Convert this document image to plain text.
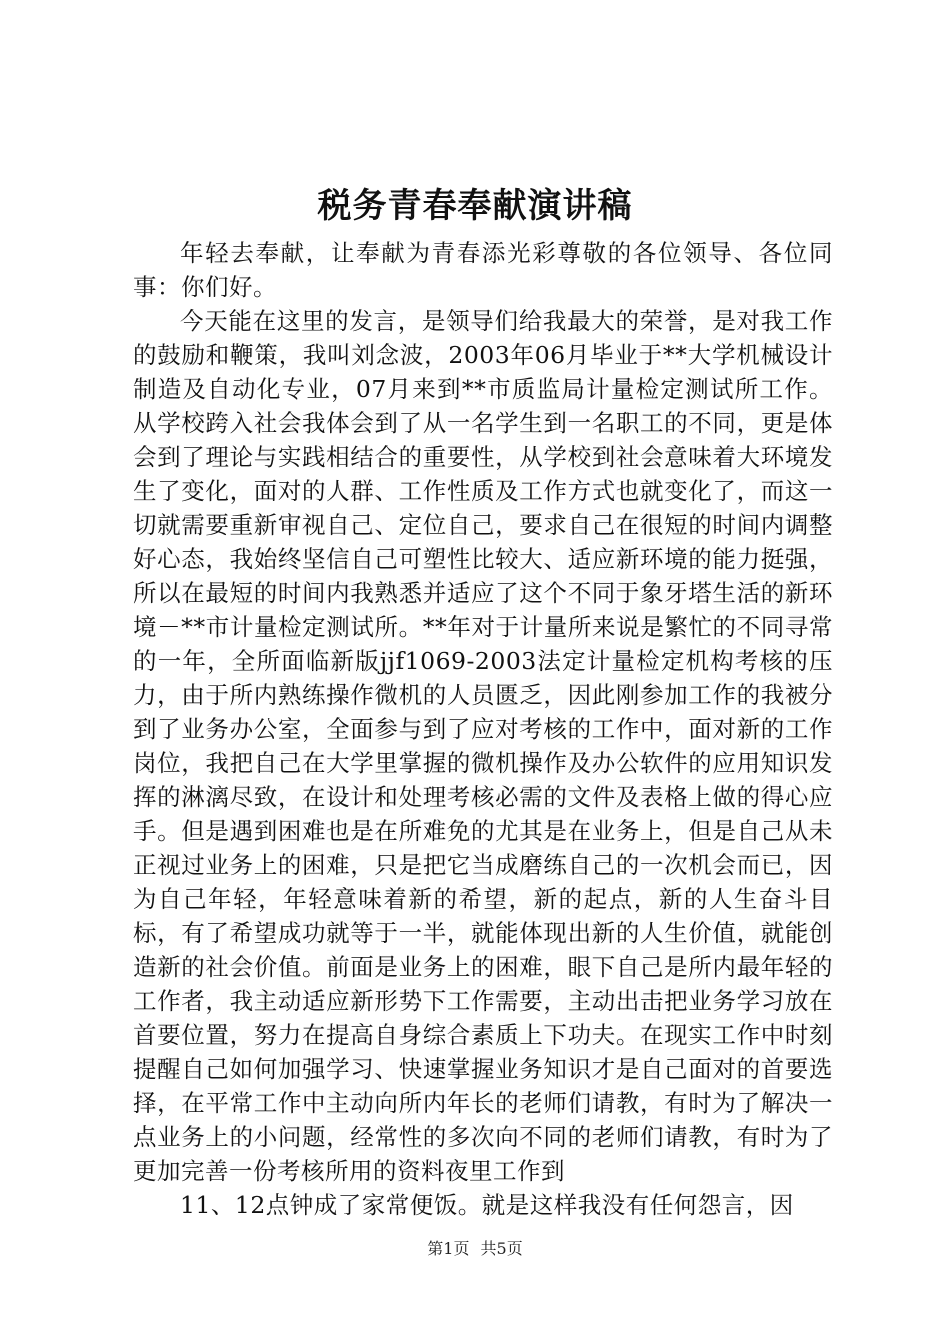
税务青春奉献演讲稿

年轻去奉献，让奉献为青春添光彩尊敬的各位领导、各位同事：你们好。

今天能在这里的发言，是领导们给我最大的荣誉，是对我工作的鼓励和鞭策，我叫刘念波，2003年06月毕业于**大学机械设计制造及自动化专业，07月来到**市质监局计量检定测试所工作。从学校跨入社会我体会到了从一名学生到一名职工的不同，更是体会到了理论与实践相结合的重要性，从学校到社会意味着大环境发生了变化，面对的人群、工作性质及工作方式也就变化了，而这一切就需要重新审视自己、定位自己，要求自己在很短的时间内调整好心态，我始终坚信自己可塑性比较大、适应新环境的能力挺强，所以在最短的时间内我熟悉并适应了这个不同于象牙塔生活的新环境－**市计量检定测试所。**年对于计量所来说是繁忙的不同寻常的一年，全所面临新版jjf1069-2003法定计量检定机构考核的压力，由于所内熟练操作微机的人员匮乏，因此刚参加工作的我被分到了业务办公室，全面参与到了应对考核的工作中，面对新的工作岗位，我把自己在大学里掌握的微机操作及办公软件的应用知识发挥的淋漓尽致，在设计和处理考核必需的文件及表格上做的得心应手。但是遇到困难也是在所难免的尤其是在业务上，但是自己从未正视过业务上的困难，只是把它当成磨练自己的一次机会而已，因为自己年轻，年轻意味着新的希望，新的起点，新的人生奋斗目标，有了希望成功就等于一半，就能体现出新的人生价值，就能创造新的社会价值。前面是业务上的困难，眼下自己是所内最年轻的工作者，我主动适应新形势下工作需要，主动出击把业务学习放在首要位置，努力在提高自身综合素质上下功夫。在现实工作中时刻提醒自己如何加强学习、快速掌握业务知识才是自己面对的首要选择，在平常工作中主动向所内年长的老师们请教，有时为了解决一点业务上的小问题，经常性的多次向不同的老师们请教，有时为了更加完善一份考核所用的资料夜里工作到

11、12点钟成了家常便饭。就是这样我没有任何怨言，因

第1页 共5页
